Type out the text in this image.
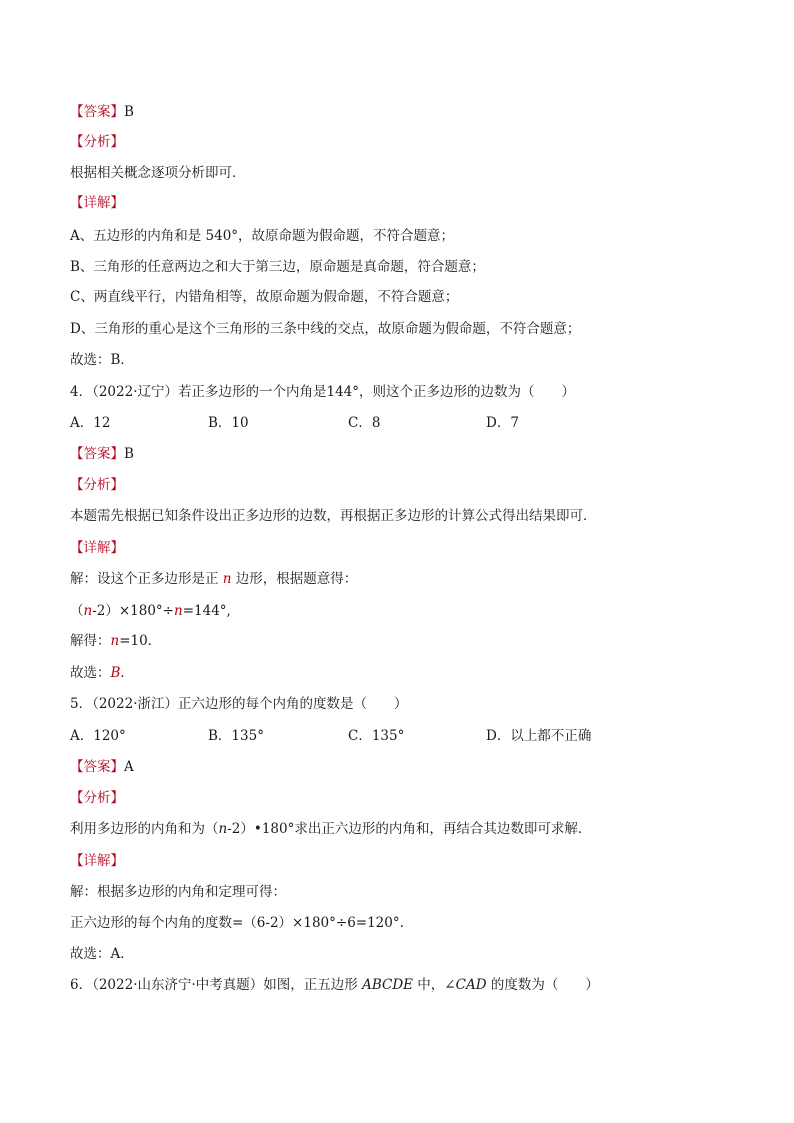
【答案】B
【分析】
根据相关概念逐项分析即可．
【详解】
A、五边形的内角和是 540°，故原命题为假命题，不符合题意；
B、三角形的任意两边之和大于第三边，原命题是真命题，符合题意；
C、两直线平行，内错角相等，故原命题为假命题，不符合题意；
D、三角形的重心是这个三角形的三条中线的交点，故原命题为假命题，不符合题意；
故选：B．
4．（2022·辽宁）若正多边形的一个内角是144°，则这个正多边形的边数为（　　）
A．12	B．10	C．8	D．7
【答案】B
【分析】
本题需先根据已知条件设出正多边形的边数，再根据正多边形的计算公式得出结果即可．
【详解】
解：设这个正多边形是正 n 边形，根据题意得：
（n-2）×180°÷n=144°,
解得：n=10．
故选：B．
5．（2022·浙江）正六边形的每个内角的度数是（　　）
A．120°	B．135°	C．135°	D．以上都不正确
【答案】A
【分析】
利用多边形的内角和为（n-2）•180°求出正六边形的内角和，再结合其边数即可求解．
【详解】
解：根据多边形的内角和定理可得：
正六边形的每个内角的度数=（6-2）×180°÷6=120°.
故选：A．
6．（2022·山东济宁·中考真题）如图，正五边形 ABCDE 中，∠CAD 的度数为（　　）
